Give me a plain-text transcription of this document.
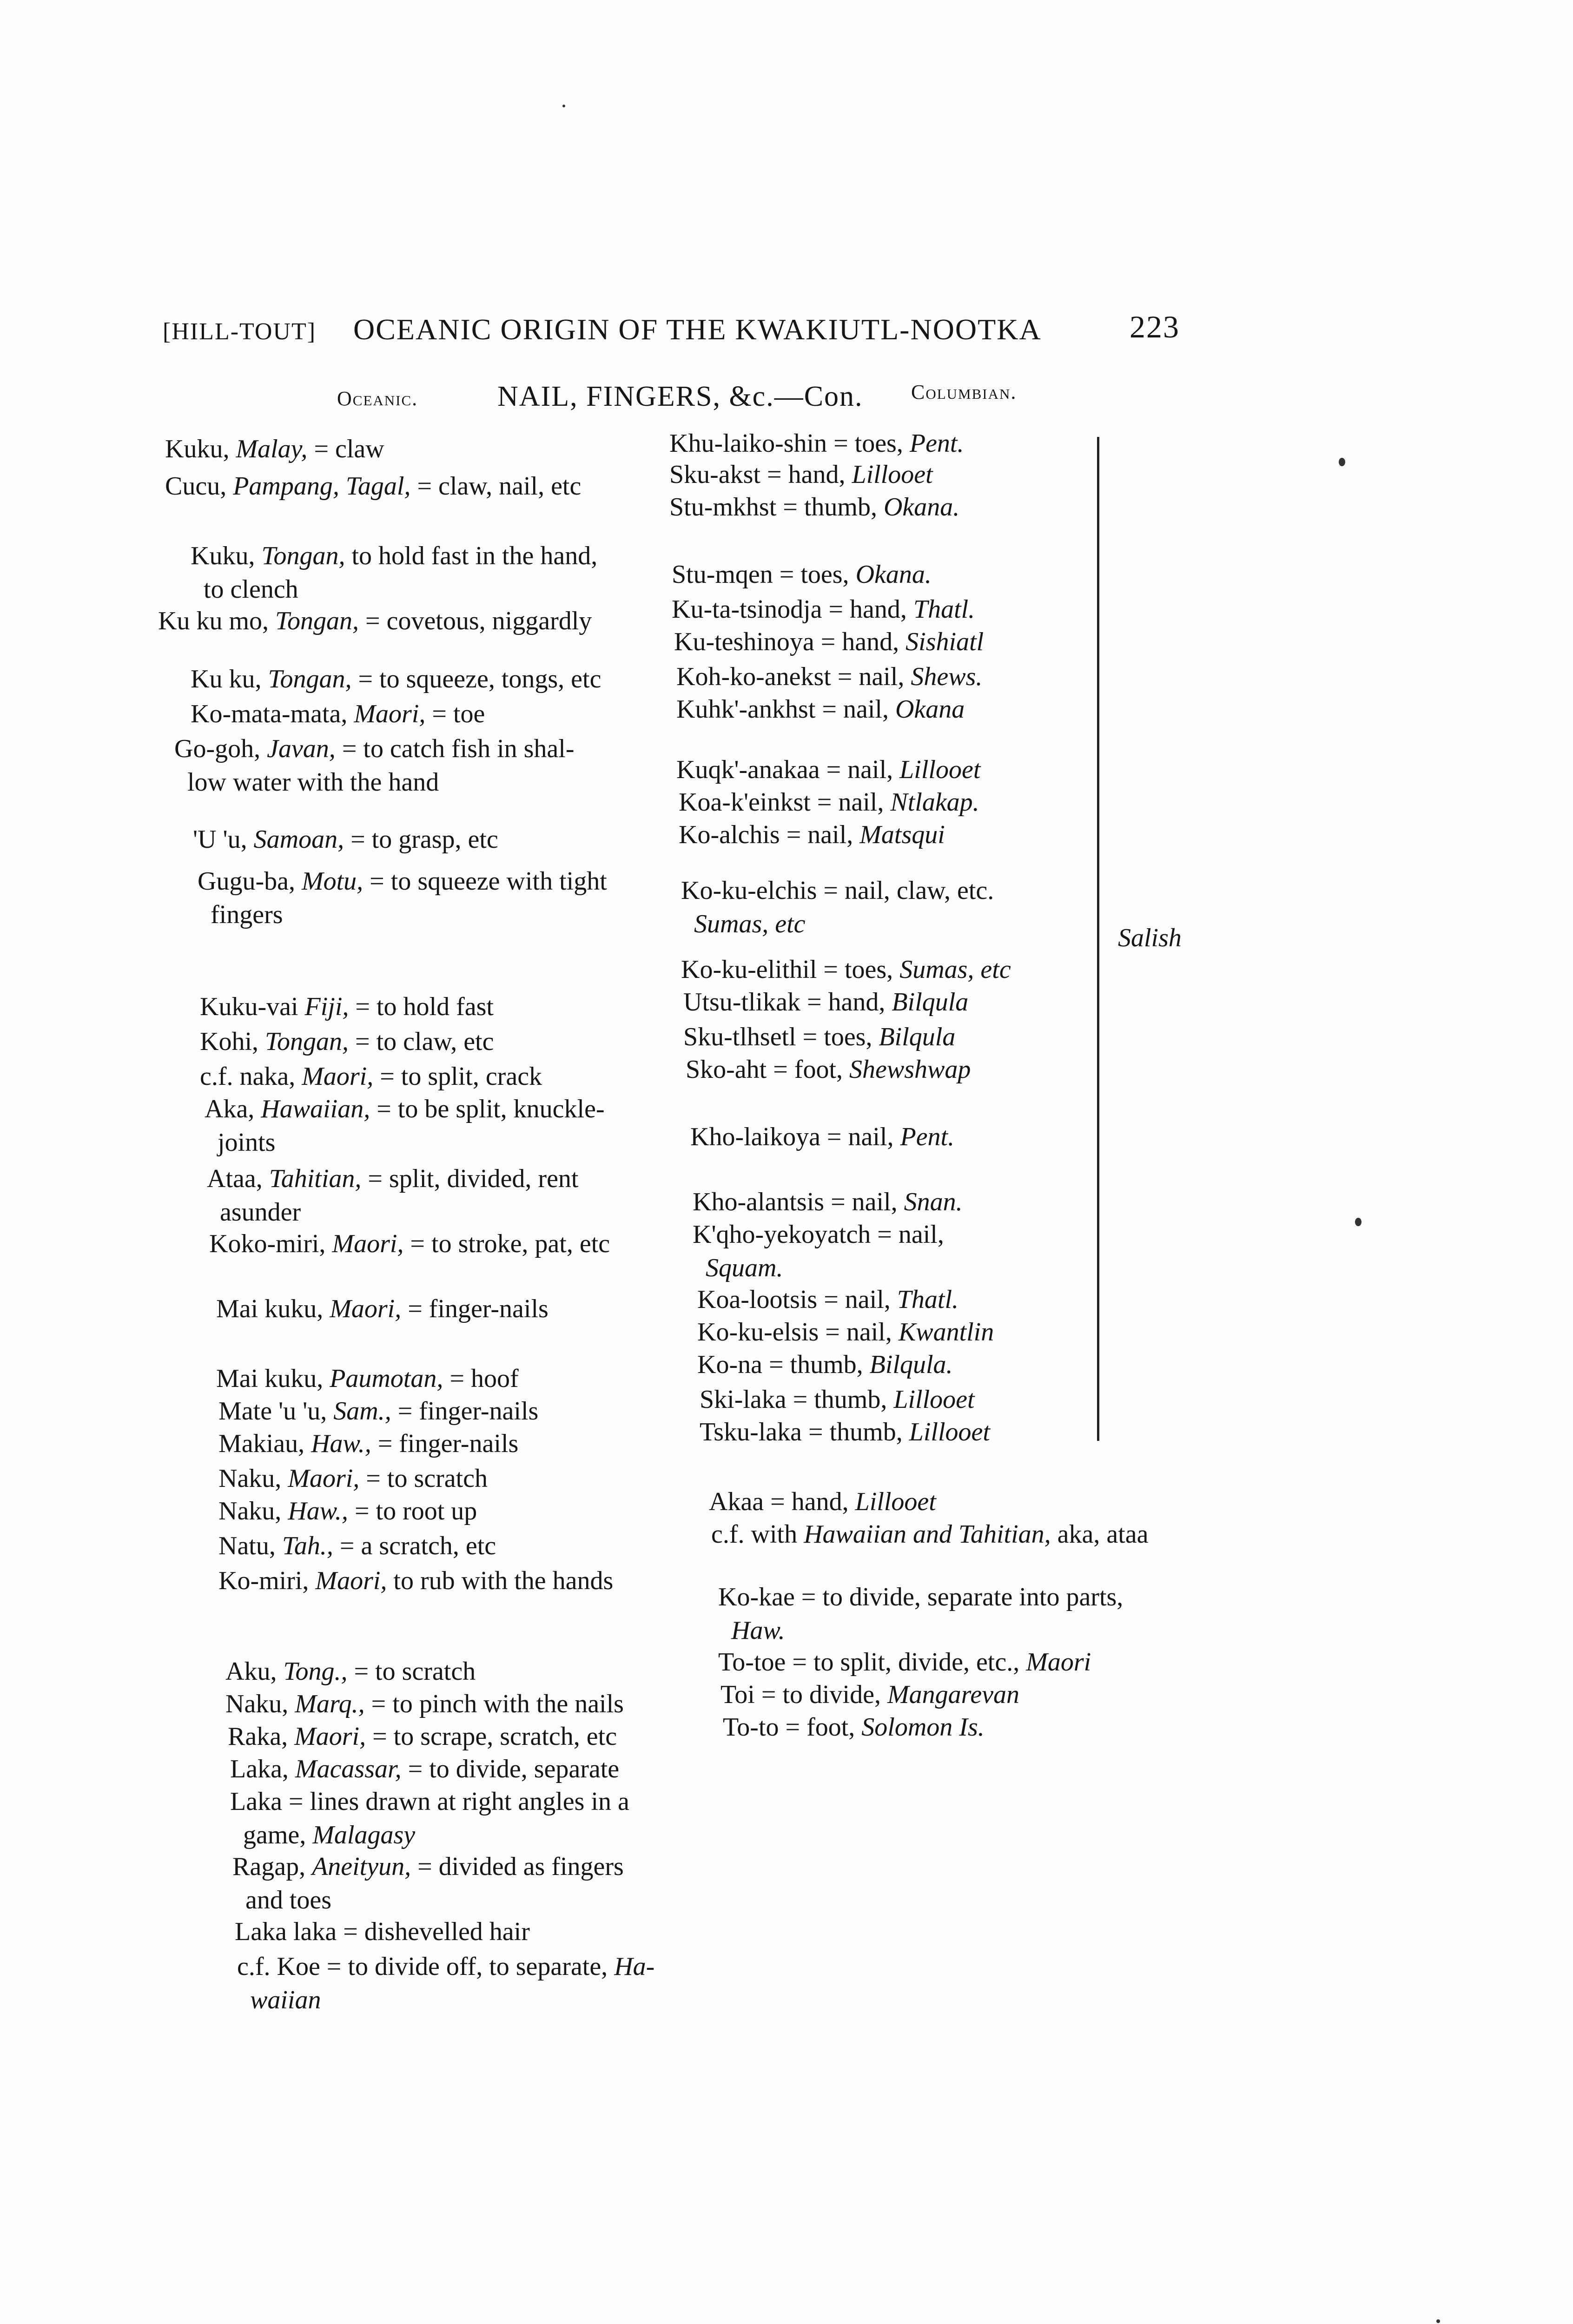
[HILL-TOUT] OCEANIC ORIGIN OF THE KWAKIUTL-NOOTKA	223
Oceanic.	NAIL, FINGERS, &c.—Con. Columbian.
Kuku, Malay, = claw
Cucu, Pampang, Tagal, = claw, nail, etc
Kuku, Tongan, to hold fast in the hand,
to clench
Ku ku mo, Tongan, = covetous, niggardly
Ku ku, Tongan, = to squeeze, tongs, etc
Ko-mata-mata, Maori, = toe
Go-goh, Javan, = to catch fish in shal-
low water with the hand
'U 'u, Samoan, = to grasp, etc
Gugu-ba, Motu, = to squeeze with tight
fingers
Kuku-vai Fiji, = to hold fast
Kohi, Tongan, = to claw, etc
c.f. naka, Maori, = to split, crack
Aka, Hawaiian, = to be split, knuckle-
joints
Ataa, Tahitian, = split, divided, rent
asunder
Koko-miri, Maori, = to stroke, pat, etc
Mai kuku, Maori, = finger-nails
Mai kuku, Paumotan, = hoof
Mate 'u 'u, Sam., = finger-nails
Makiau, Haw., = finger-nails
Naku, Maori, = to scratch
Naku, Haw., = to root up
Natu, Tah., = a scratch, etc
Ko-miri, Maori, to rub with the hands
Aku, Tong., = to scratch
Naku, Marq., = to pinch with the nails
Raka, Maori, = to scrape, scratch, etc
Laka, Macassar, = to divide, separate
Laka = lines drawn at right angles in a
game, Malagasy
Ragap, Aneityun, = divided as fingers
and toes
Laka laka = dishevelled hair
c.f. Koe = to divide off, to separate, Ha-
waiian
Khu-laiko-shin = toes, Pent.
Sku-akst = hand, Lillooet
Stu-mkhst = thumb, Okana.
Stu-mqen = toes, Okana.
Ku-ta-tsinodja = hand, Thatl.
Ku-teshinoya = hand, Sishiatl
Koh-ko-anekst = nail, Shews.
Kuhk'-ankhst = nail, Okana
Kuqk'-anakaa = nail, Lillooet
Koa-k'einkst = nail, Ntlakap.
Ko-alchis = nail, Matsqui
Ko-ku-elchis = nail, claw, etc.
Sumas, etc
Ko-ku-elithil = toes, Sumas, etc
Utsu-tlikak = hand, Bilqula
Sku-tlhsetl = toes, Bilqula
Sko-aht = foot, Shewshwap
Kho-laikoya = nail, Pent.
Kho-alantsis = nail, Snan.
K'qho-yekoyatch = nail,
Squam.
Koa-lootsis = nail, Thatl.
Ko-ku-elsis = nail, Kwantlin
Ko-na = thumb, Bilqula.
Ski-laka = thumb, Lillooet
Tsku-laka = thumb, Lillooet
Akaa = hand, Lillooet
c.f. with Hawaiian and Tahitian, aka, ataa
Ko-kae = to divide, separate into parts,
Haw.
To-toe = to split, divide, etc., Maori
Toi = to divide, Mangarevan
To-to = foot, Solomon Is.
Salish
